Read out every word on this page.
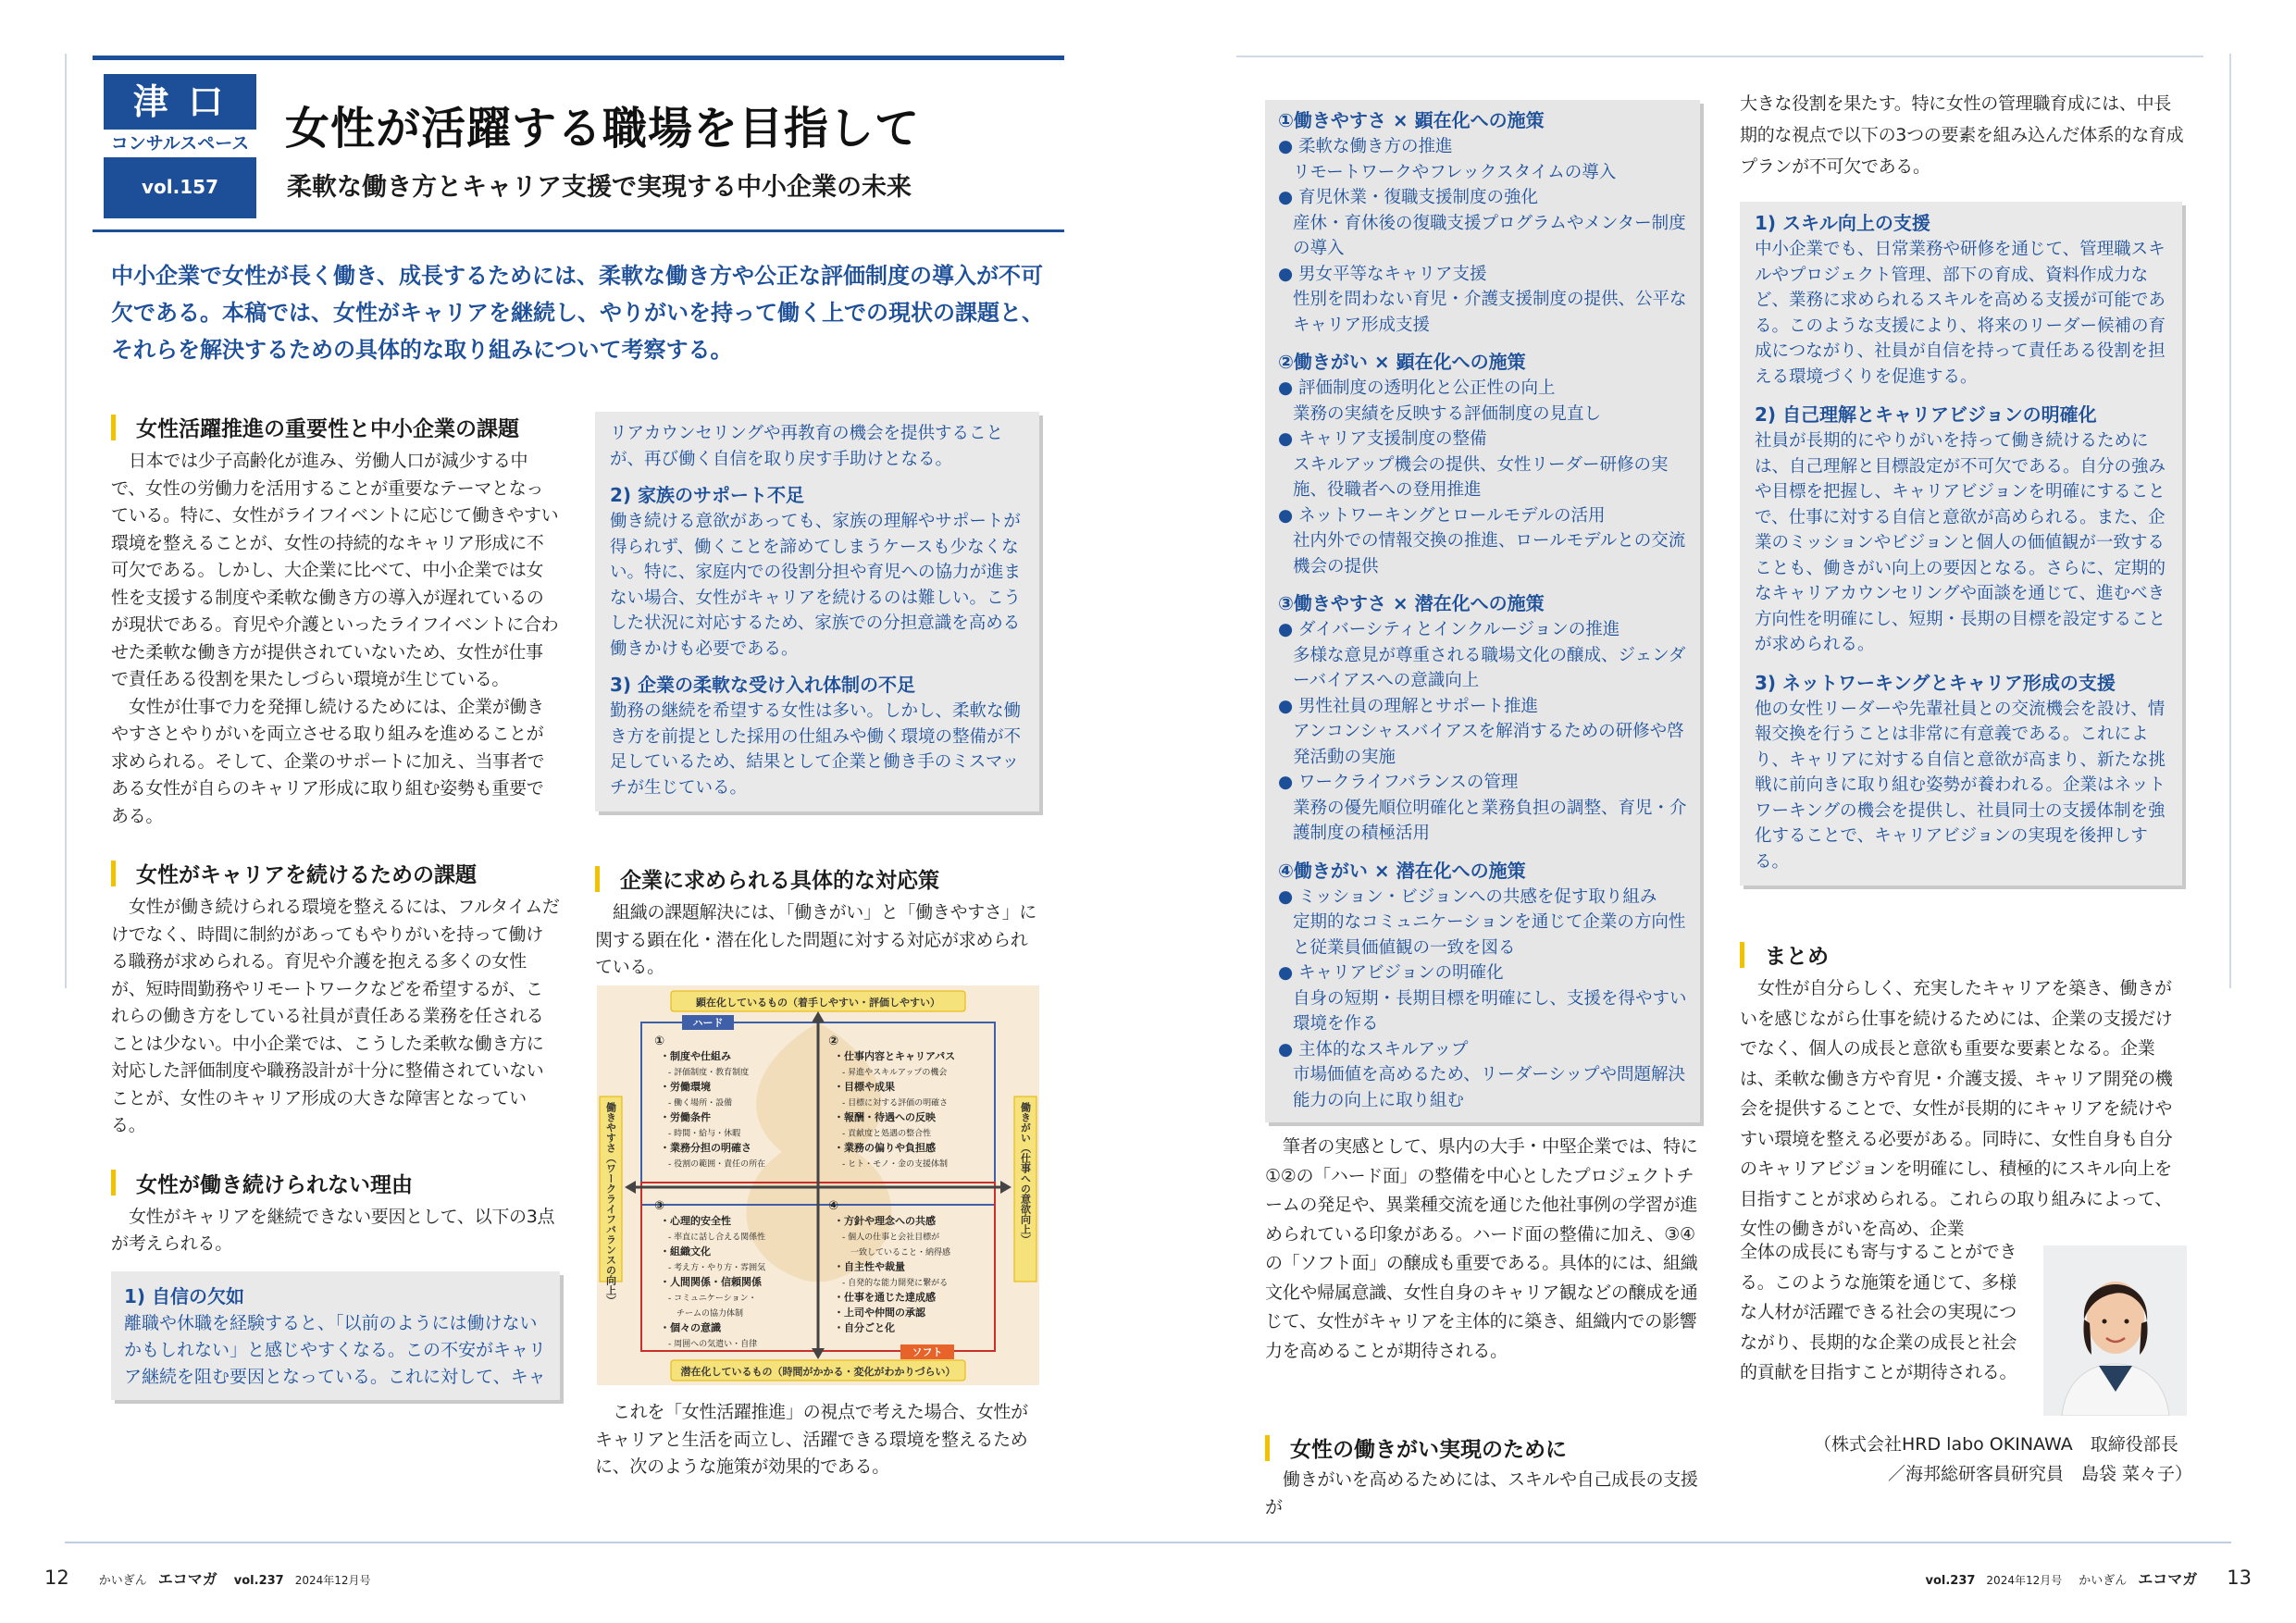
津 口
コンサルスペース
vol.157
女性が活躍する職場を目指して
柔軟な働き方とキャリア支援で実現する中小企業の未来
中小企業で女性が長く働き、成長するためには、柔軟な働き方や公正な評価制度の導入が不可欠である。本稿では、女性がキャリアを継続し、やりがいを持って働く上での現状の課題と、それらを解決するための具体的な取り組みについて考察する。
女性活躍推進の重要性と中小企業の課題

日本では少子高齢化が進み、労働人口が減少する中で、女性の労働力を活用することが重要なテーマとなっている。特に、女性がライフイベントに応じて働きやすい環境を整えることが、女性の持続的なキャリア形成に不可欠である。しかし、大企業に比べて、中小企業では女性を支援する制度や柔軟な働き方の導入が遅れているのが現状である。育児や介護といったライフイベントに合わせた柔軟な働き方が提供されていないため、女性が仕事で責任ある役割を果たしづらい環境が生じている。

女性が仕事で力を発揮し続けるためには、企業が働きやすさとやりがいを両立させる取り組みを進めることが求められる。そして、企業のサポートに加え、当事者である女性が自らのキャリア形成に取り組む姿勢も重要である。

女性がキャリアを続けるための課題

女性が働き続けられる環境を整えるには、フルタイムだけでなく、時間に制約があってもやりがいを持って働ける職務が求められる。育児や介護を抱える多くの女性が、短時間勤務やリモートワークなどを希望するが、これらの働き方をしている社員が責任ある業務を任されることは少ない。中小企業では、こうした柔軟な働き方に対応した評価制度や職務設計が十分に整備されていないことが、女性のキャリア形成の大きな障害となっている。

女性が働き続けられない理由

女性がキャリアを継続できない要因として、以下の3点が考えられる。

1) 自信の欠如
離職や休職を経験すると、「以前のようには働けないかもしれない」と感じやすくなる。この不安がキャリア継続を阻む要因となっている。これに対して、キャ
リアカウンセリングや再教育の機会を提供することが、再び働く自信を取り戻す手助けとなる。
2) 家族のサポート不足
働き続ける意欲があっても、家族の理解やサポートが得られず、働くことを諦めてしまうケースも少なくない。特に、家庭内での役割分担や育児への協力が進まない場合、女性がキャリアを続けるのは難しい。こうした状況に対応するため、家族での分担意識を高める働きかけも必要である。
3) 企業の柔軟な受け入れ体制の不足
勤務の継続を希望する女性は多い。しかし、柔軟な働き方を前提とした採用の仕組みや働く環境の整備が不足しているため、結果として企業と働き手のミスマッチが生じている。
企業に求められる具体的な対応策

組織の課題解決には、「働きがい」と「働きやすさ」に関する顕在化・潜在化した問題に対する対応が求められている。

顕在化しているもの（着手しやすい・評価しやすい）
潜在化しているもの（時間がかかる・変化がわかりづらい）
働きやすさ（ワークライフバランスの向上）	働きがい（仕事への意欲向上）
ハード
ソフト
①
・制度や仕組み
　- 評価制度・教育制度
・労働環境
　- 働く場所・設備
・労働条件
　- 時間・給与・休暇
・業務分担の明確さ
　- 役割の範囲・責任の所在
②
・仕事内容とキャリアパス
　- 昇進やスキルアップの機会
・目標や成果
　- 目標に対する評価の明確さ
・報酬・待遇への反映
　- 貢献度と処遇の整合性
・業務の偏りや負担感
　- ヒト・モノ・金の支援体制
③
・心理的安全性
　- 率直に話し合える関係性
・組織文化
　- 考え方・やり方・雰囲気
・人間関係・信頼関係
　- コミュニケーション・
　　チームの協力体制
・個々の意識
　- 周囲への気遣い・自律
④
・方針や理念への共感
　- 個人の仕事と会社目標が
　　一致していること・納得感
・自主性や裁量
　- 自発的な能力開発に繋がる
・仕事を通じた達成感
・上司や仲間の承認
・自分ごと化

これを「女性活躍推進」の視点で考えた場合、女性がキャリアと生活を両立し、活躍できる環境を整えるために、次のような施策が効果的である。

①働きやすさ × 顕在化への施策
● 柔軟な働き方の推進
リモートワークやフレックスタイムの導入
● 育児休業・復職支援制度の強化
産休・育休後の復職支援プログラムやメンター制度の導入
● 男女平等なキャリア支援
性別を問わない育児・介護支援制度の提供、公平なキャリア形成支援
②働きがい × 顕在化への施策
● 評価制度の透明化と公正性の向上
業務の実績を反映する評価制度の見直し
● キャリア支援制度の整備
スキルアップ機会の提供、女性リーダー研修の実施、役職者への登用推進
● ネットワーキングとロールモデルの活用
社内外での情報交換の推進、ロールモデルとの交流機会の提供
③働きやすさ × 潜在化への施策
● ダイバーシティとインクルージョンの推進
多様な意見が尊重される職場文化の醸成、ジェンダーバイアスへの意識向上
● 男性社員の理解とサポート推進
アンコンシャスバイアスを解消するための研修や啓発活動の実施
● ワークライフバランスの管理
業務の優先順位明確化と業務負担の調整、育児・介護制度の積極活用
④働きがい × 潜在化への施策
● ミッション・ビジョンへの共感を促す取り組み
定期的なコミュニケーションを通じて企業の方向性と従業員価値観の一致を図る
● キャリアビジョンの明確化
自身の短期・長期目標を明確にし、支援を得やすい環境を作る
● 主体的なスキルアップ
市場価値を高めるため、リーダーシップや問題解決能力の向上に取り組む

筆者の実感として、県内の大手・中堅企業では、特に①②の「ハード面」の整備を中心としたプロジェクトチームの発足や、異業種交流を通じた他社事例の学習が進められている印象がある。ハード面の整備に加え、③④の「ソフト面」の醸成も重要である。具体的には、組織文化や帰属意識、女性自身のキャリア観などの醸成を通じて、女性がキャリアを主体的に築き、組織内での影響力を高めることが期待される。

女性の働きがい実現のために

働きがいを高めるためには、スキルや自己成長の支援が

大きな役割を果たす。特に女性の管理職育成には、中長期的な視点で以下の3つの要素を組み込んだ体系的な育成プランが不可欠である。

1) スキル向上の支援
中小企業でも、日常業務や研修を通じて、管理職スキルやプロジェクト管理、部下の育成、資料作成力など、業務に求められるスキルを高める支援が可能である。このような支援により、将来のリーダー候補の育成につながり、社員が自信を持って責任ある役割を担える環境づくりを促進する。
2) 自己理解とキャリアビジョンの明確化
社員が長期的にやりがいを持って働き続けるためには、自己理解と目標設定が不可欠である。自分の強みや目標を把握し、キャリアビジョンを明確にすることで、仕事に対する自信と意欲が高められる。また、企業のミッションやビジョンと個人の価値観が一致することも、働きがい向上の要因となる。さらに、定期的なキャリアカウンセリングや面談を通じて、進むべき方向性を明確にし、短期・長期の目標を設定することが求められる。
3) ネットワーキングとキャリア形成の支援
他の女性リーダーや先輩社員との交流機会を設け、情報交換を行うことは非常に有意義である。これにより、キャリアに対する自信と意欲が高まり、新たな挑戦に前向きに取り組む姿勢が養われる。企業はネットワーキングの機会を提供し、社員同士の支援体制を強化することで、キャリアビジョンの実現を後押しする。
まとめ

女性が自分らしく、充実したキャリアを築き、働きがいを感じながら仕事を続けるためには、企業の支援だけでなく、個人の成長と意欲も重要な要素となる。企業は、柔軟な働き方や育児・介護支援、キャリア開発の機会を提供することで、女性が長期的にキャリアを続けやすい環境を整える必要がある。同時に、女性自身も自分のキャリアビジョンを明確にし、積極的にスキル向上を目指すことが求められる。これらの取り組みによって、女性の働きがいを高め、企業

全体の成長にも寄与することができる。このような施策を通じて、多様な人材が活躍できる社会の実現につながり、長期的な企業の成長と社会的貢献を目指すことが期待される。

（株式会社HRD labo OKINAWA　取締役部長
／海邦総研客員研究員　島袋 菜々子）
12 かいぎん エコマガ vol.237 2024年12月号	vol.237 2024年12月号 かいぎん エコマガ 13
